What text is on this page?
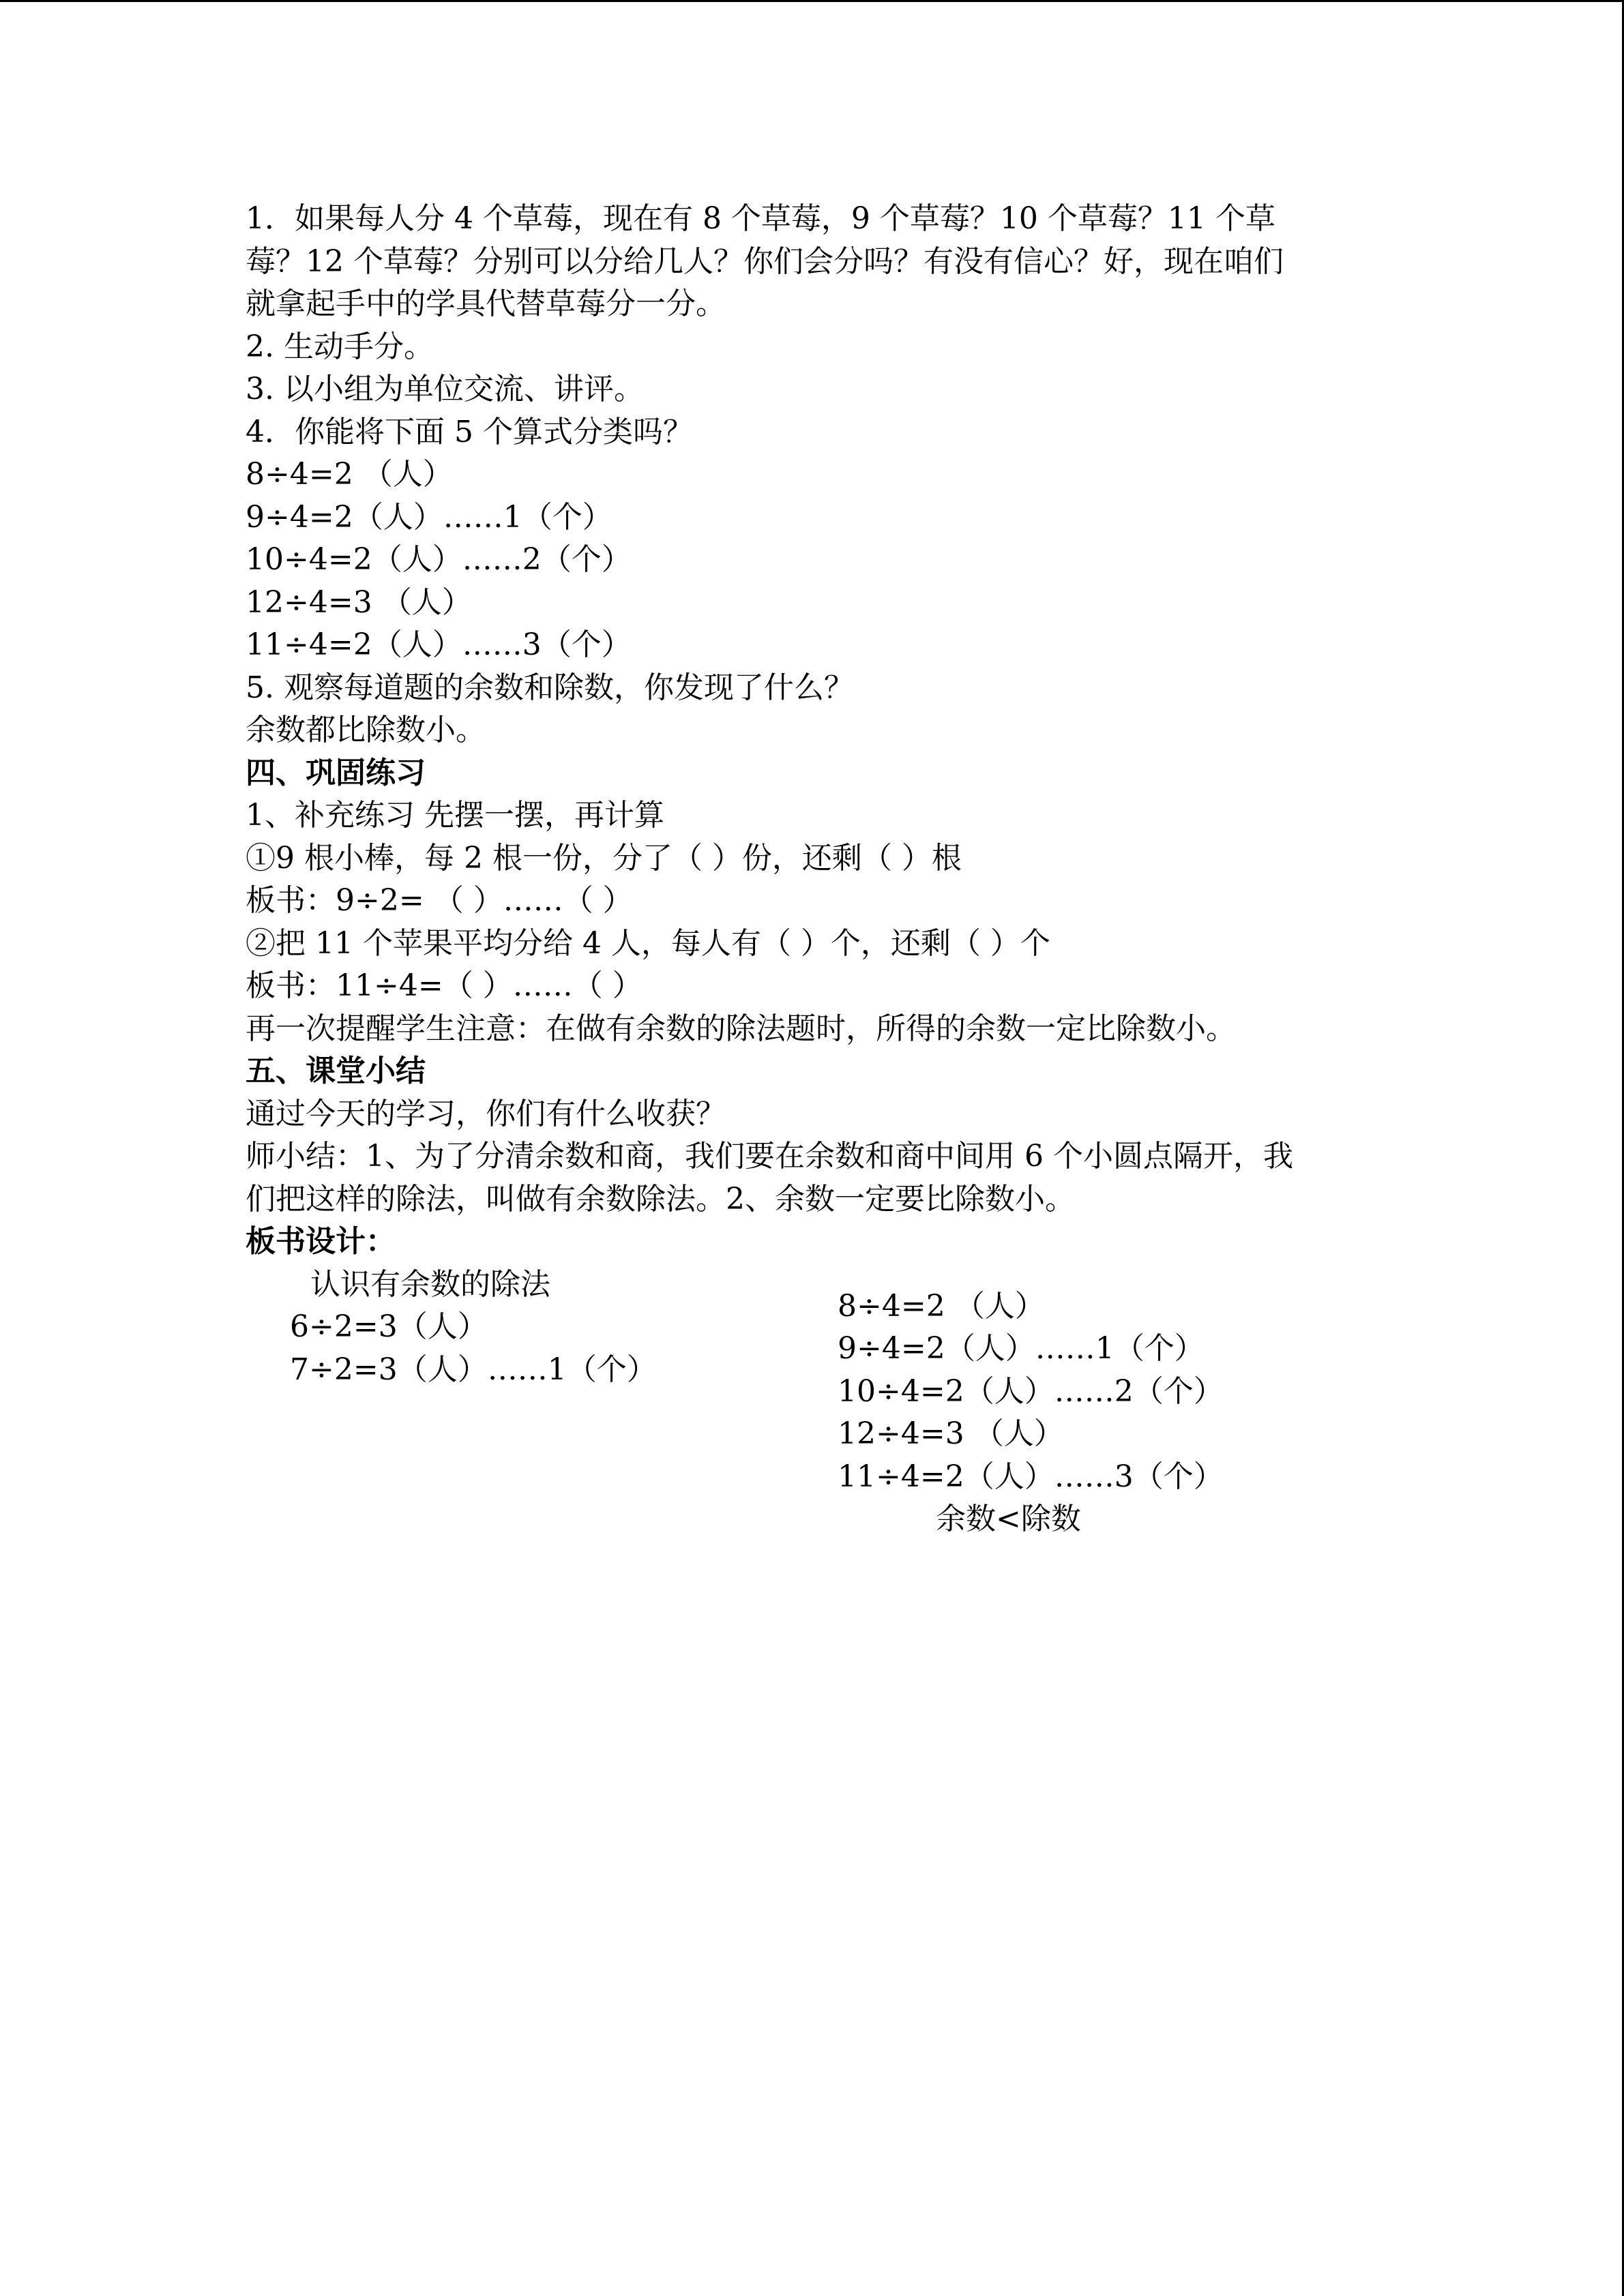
1．如果每人分 4 个草莓，现在有 8 个草莓，9 个草莓？10 个草莓？11 个草
莓？12 个草莓？分别可以分给几人？你们会分吗？有没有信心？好，现在咱们
就拿起手中的学具代替草莓分一分。
2. 生动手分。
3. 以小组为单位交流、讲评。
4．你能将下面 5 个算式分类吗？
8÷4=2 （人）
9÷4=2（人）……1（个）
10÷4=2（人）……2（个）
12÷4=3 （人）
11÷4=2（人）……3（个）
5. 观察每道题的余数和除数，你发现了什么？
余数都比除数小。
四、巩固练习
1、补充练习 先摆一摆，再计算
①9 根小棒，每 2 根一份，分了（ ）份，还剩（ ）根
板书：9÷2= （ ）……（ ）
②把 11 个苹果平均分给 4 人，每人有（ ）个，还剩（ ）个
板书：11÷4=（ ）……（ ）
再一次提醒学生注意：在做有余数的除法题时，所得的余数一定比除数小。
五、课堂小结
通过今天的学习，你们有什么收获？
师小结：1、为了分清余数和商，我们要在余数和商中间用 6 个小圆点隔开，我
们把这样的除法，叫做有余数除法。2、余数一定要比除数小。
板书设计：
认识有余数的除法
6÷2=3（人）
7÷2=3（人）……1（个）
8÷4=2 （人）
9÷4=2（人）……1（个）
10÷4=2（人）……2（个）
12÷4=3 （人）
11÷4=2（人）……3（个）
余数<除数
